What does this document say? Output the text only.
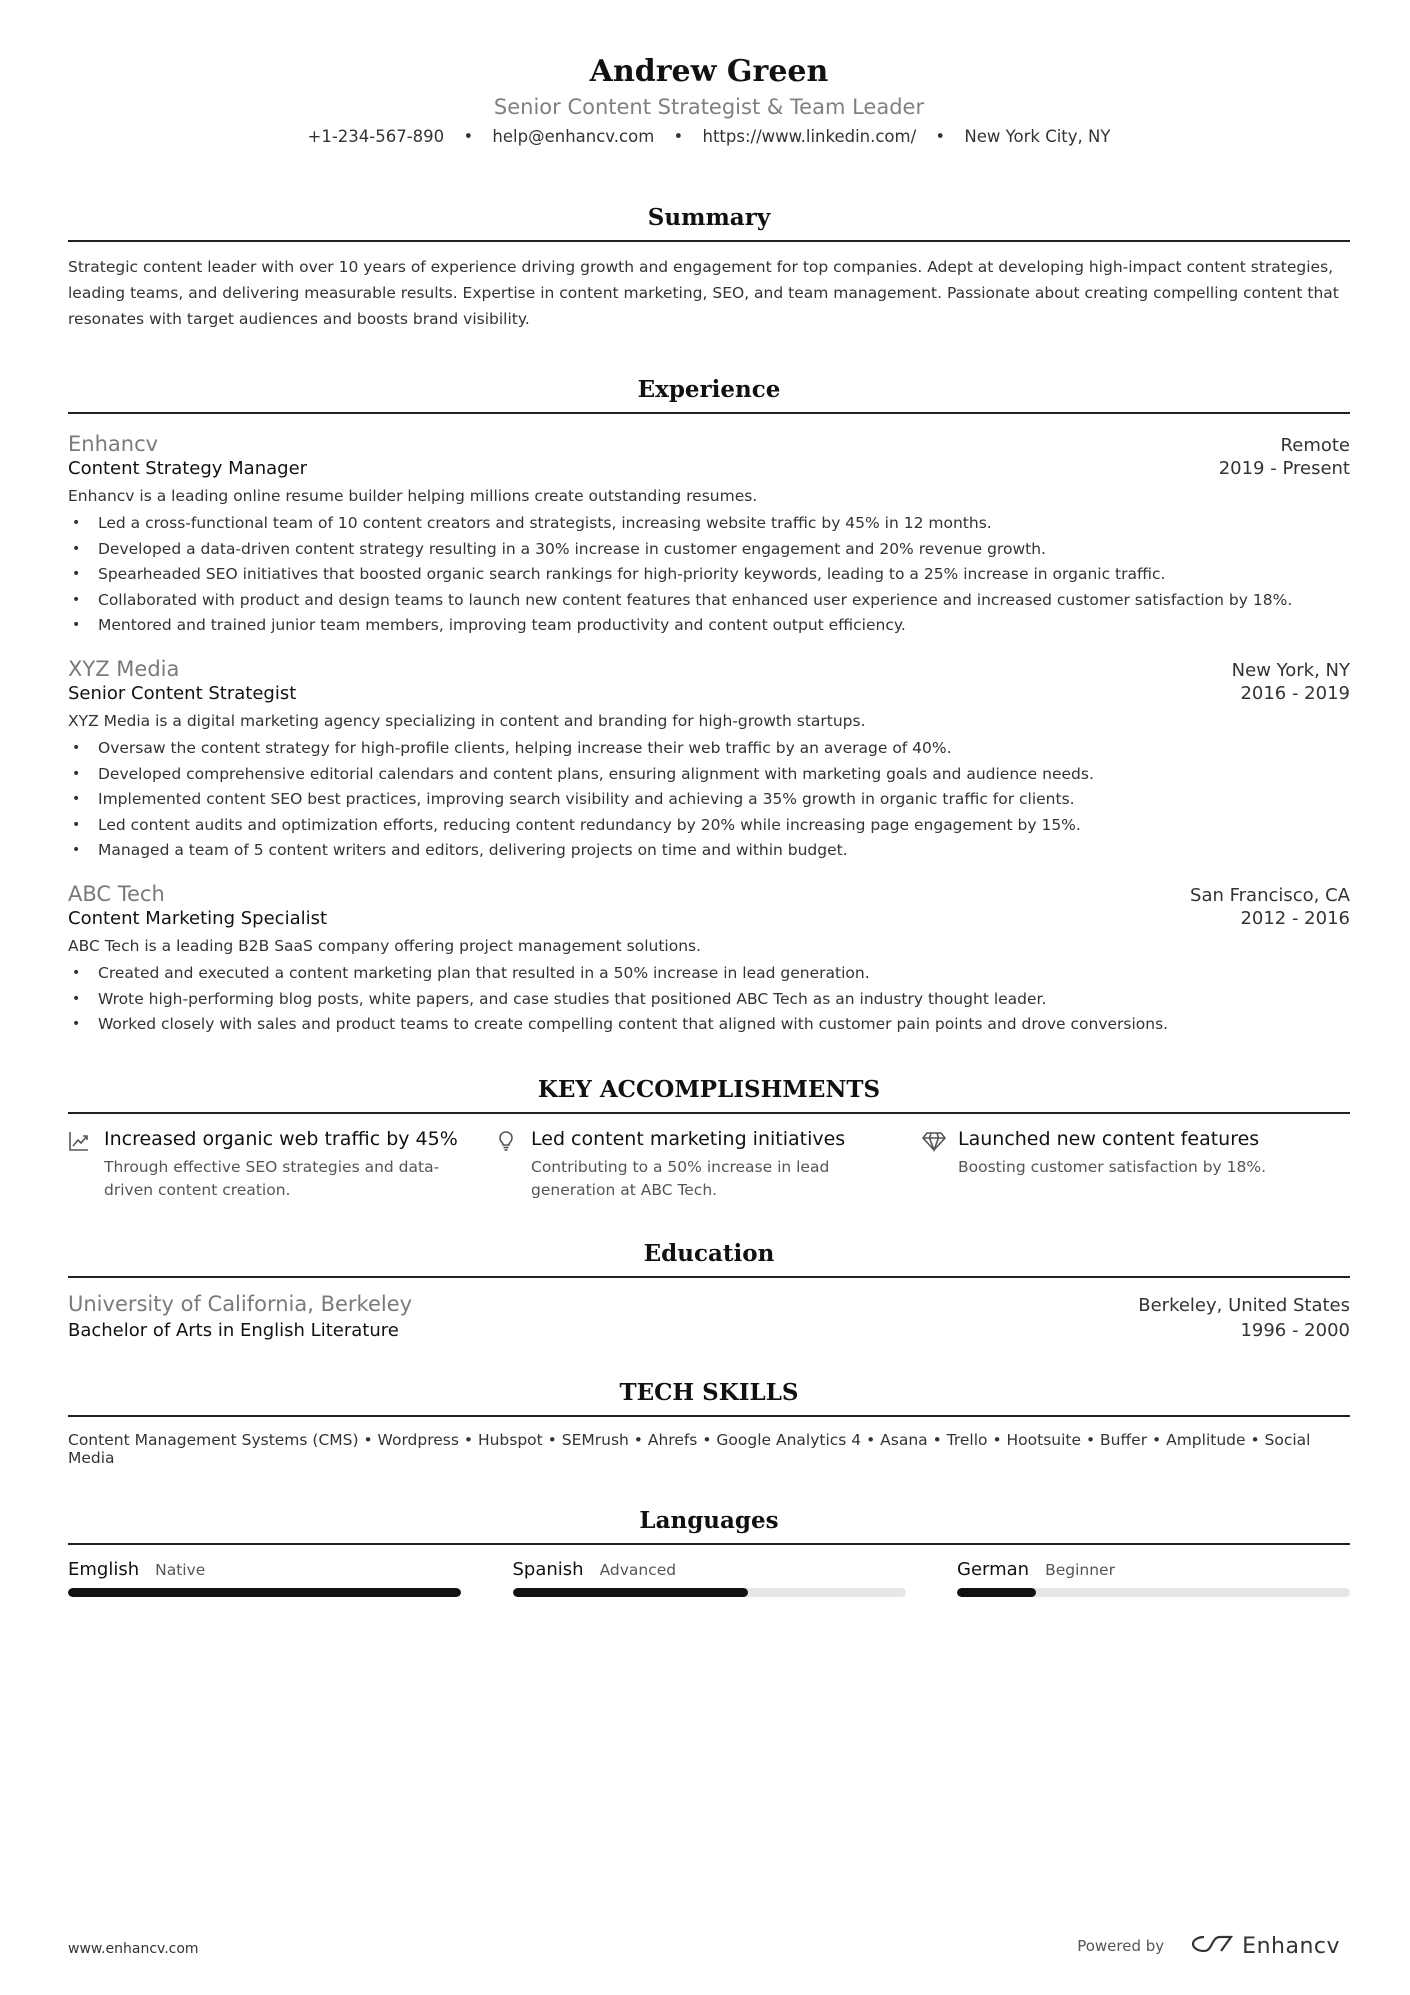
Andrew Green
Senior Content Strategist & Team Leader
+1-234-567-890 • help@enhancv.com • https://www.linkedin.com/ • New York City, NY
Summary
Strategic content leader with over 10 years of experience driving growth and engagement for top companies. Adept at developing high-impact content strategies, leading teams, and delivering measurable results. Expertise in content marketing, SEO, and team management. Passionate about creating compelling content that resonates with target audiences and boosts brand visibility.
Experience
Enhancv	Remote
Content Strategy Manager	2019 - Present
Enhancv is a leading online resume builder helping millions create outstanding resumes.
• Led a cross-functional team of 10 content creators and strategists, increasing website traffic by 45% in 12 months.
• Developed a data-driven content strategy resulting in a 30% increase in customer engagement and 20% revenue growth.
• Spearheaded SEO initiatives that boosted organic search rankings for high-priority keywords, leading to a 25% increase in organic traffic.
• Collaborated with product and design teams to launch new content features that enhanced user experience and increased customer satisfaction by 18%.
• Mentored and trained junior team members, improving team productivity and content output efficiency.
XYZ Media	New York, NY
Senior Content Strategist	2016 - 2019
XYZ Media is a digital marketing agency specializing in content and branding for high-growth startups.
• Oversaw the content strategy for high-profile clients, helping increase their web traffic by an average of 40%.
• Developed comprehensive editorial calendars and content plans, ensuring alignment with marketing goals and audience needs.
• Implemented content SEO best practices, improving search visibility and achieving a 35% growth in organic traffic for clients.
• Led content audits and optimization efforts, reducing content redundancy by 20% while increasing page engagement by 15%.
• Managed a team of 5 content writers and editors, delivering projects on time and within budget.
ABC Tech	San Francisco, CA
Content Marketing Specialist	2012 - 2016
ABC Tech is a leading B2B SaaS company offering project management solutions.
• Created and executed a content marketing plan that resulted in a 50% increase in lead generation.
• Wrote high-performing blog posts, white papers, and case studies that positioned ABC Tech as an industry thought leader.
• Worked closely with sales and product teams to create compelling content that aligned with customer pain points and drove conversions.
KEY ACCOMPLISHMENTS
Increased organic web traffic by 45%
Through effective SEO strategies and data-driven content creation.
Led content marketing initiatives
Contributing to a 50% increase in lead generation at ABC Tech.
Launched new content features
Boosting customer satisfaction by 18%.
Education
University of California, Berkeley	Berkeley, United States
Bachelor of Arts in English Literature	1996 - 2000
TECH SKILLS
Content Management Systems (CMS) • Wordpress • Hubspot • SEMrush • Ahrefs • Google Analytics 4 • Asana • Trello • Hootsuite • Buffer • Amplitude • Social Media
Languages
Emglish Native	Spanish Advanced	German Beginner
www.enhancv.com	Powered by	Enhancv
